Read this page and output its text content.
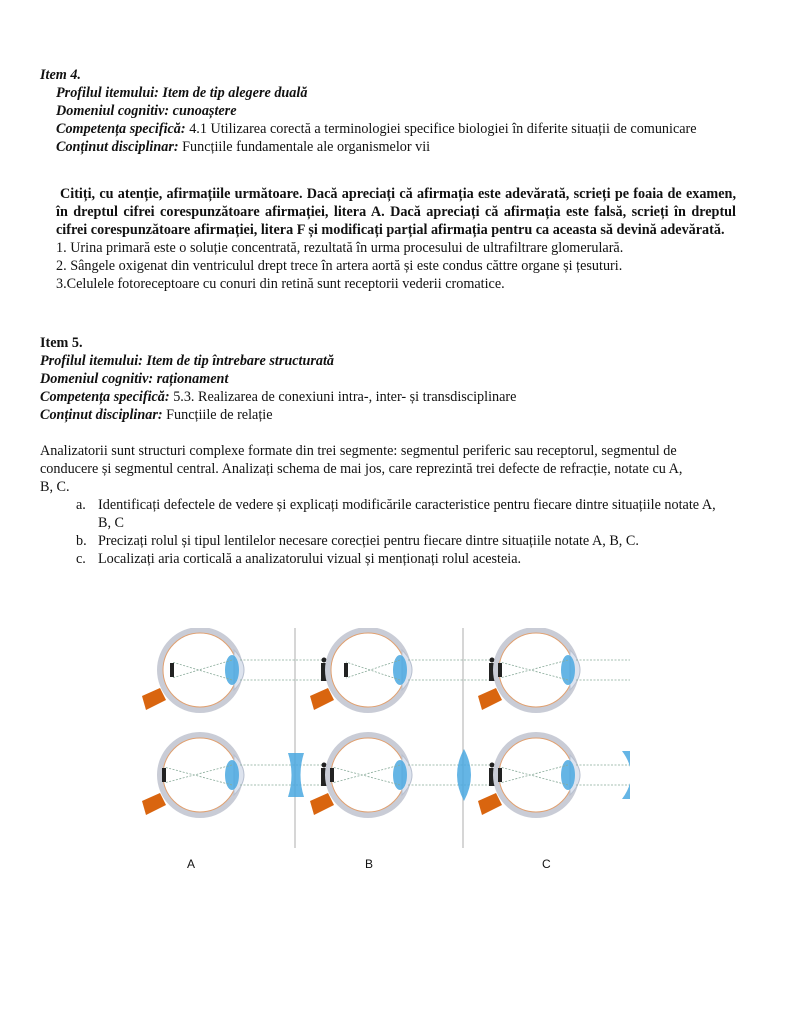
Item 4.

Profilul itemului: Item de tip alegere duală

Domeniul cognitiv: cunoaștere

Competența specifică: 4.1 Utilizarea corectă a terminologiei specifice biologiei în diferite situații de comunicare

Conținut disciplinar: Funcțiile fundamentale ale organismelor vii

Citiți, cu atenție, afirmațiile următoare. Dacă apreciați că afirmația este adevărată, scrieți pe foaia de examen, în dreptul cifrei corespunzătoare afirmației, litera A. Dacă apreciați că afirmația este falsă, scrieți în dreptul cifrei corespunzătoare afirmației, litera F și modificați parțial afirmația pentru ca aceasta să devină adevărată.

1. Urina primară este o soluție concentrată, rezultată în urma procesului de ultrafiltrare glomerulară.

2. Sângele oxigenat din ventriculul drept trece în artera aortă și este condus căttre organe și țesuturi.

3.Celulele fotoreceptoare cu conuri din retină sunt receptorii vederii cromatice.

Item 5.

Profilul itemului: Item de tip întrebare structurată

Domeniul cognitiv: raționament

Competența specifică: 5.3. Realizarea de conexiuni intra-, inter- și transdisciplinare

Conținut disciplinar: Funcțiile de relație

Analizatorii sunt structuri complexe formate din trei segmente: segmentul periferic sau receptorul, segmentul de conducere și segmentul central. Analizați schema de mai jos, care reprezintă trei defecte de refracție, notate cu A, B, C.

a. Identificați defectele de vedere și explicați modificările caracteristice pentru fiecare dintre situațiile notate A, B, C
b. Precizați rolul și tipul lentilelor necesare corecției pentru fiecare dintre situațiile notate A, B, C.
c. Localizați aria corticală a analizatorului vizual și menționați rolul acesteia.
A	B	C
